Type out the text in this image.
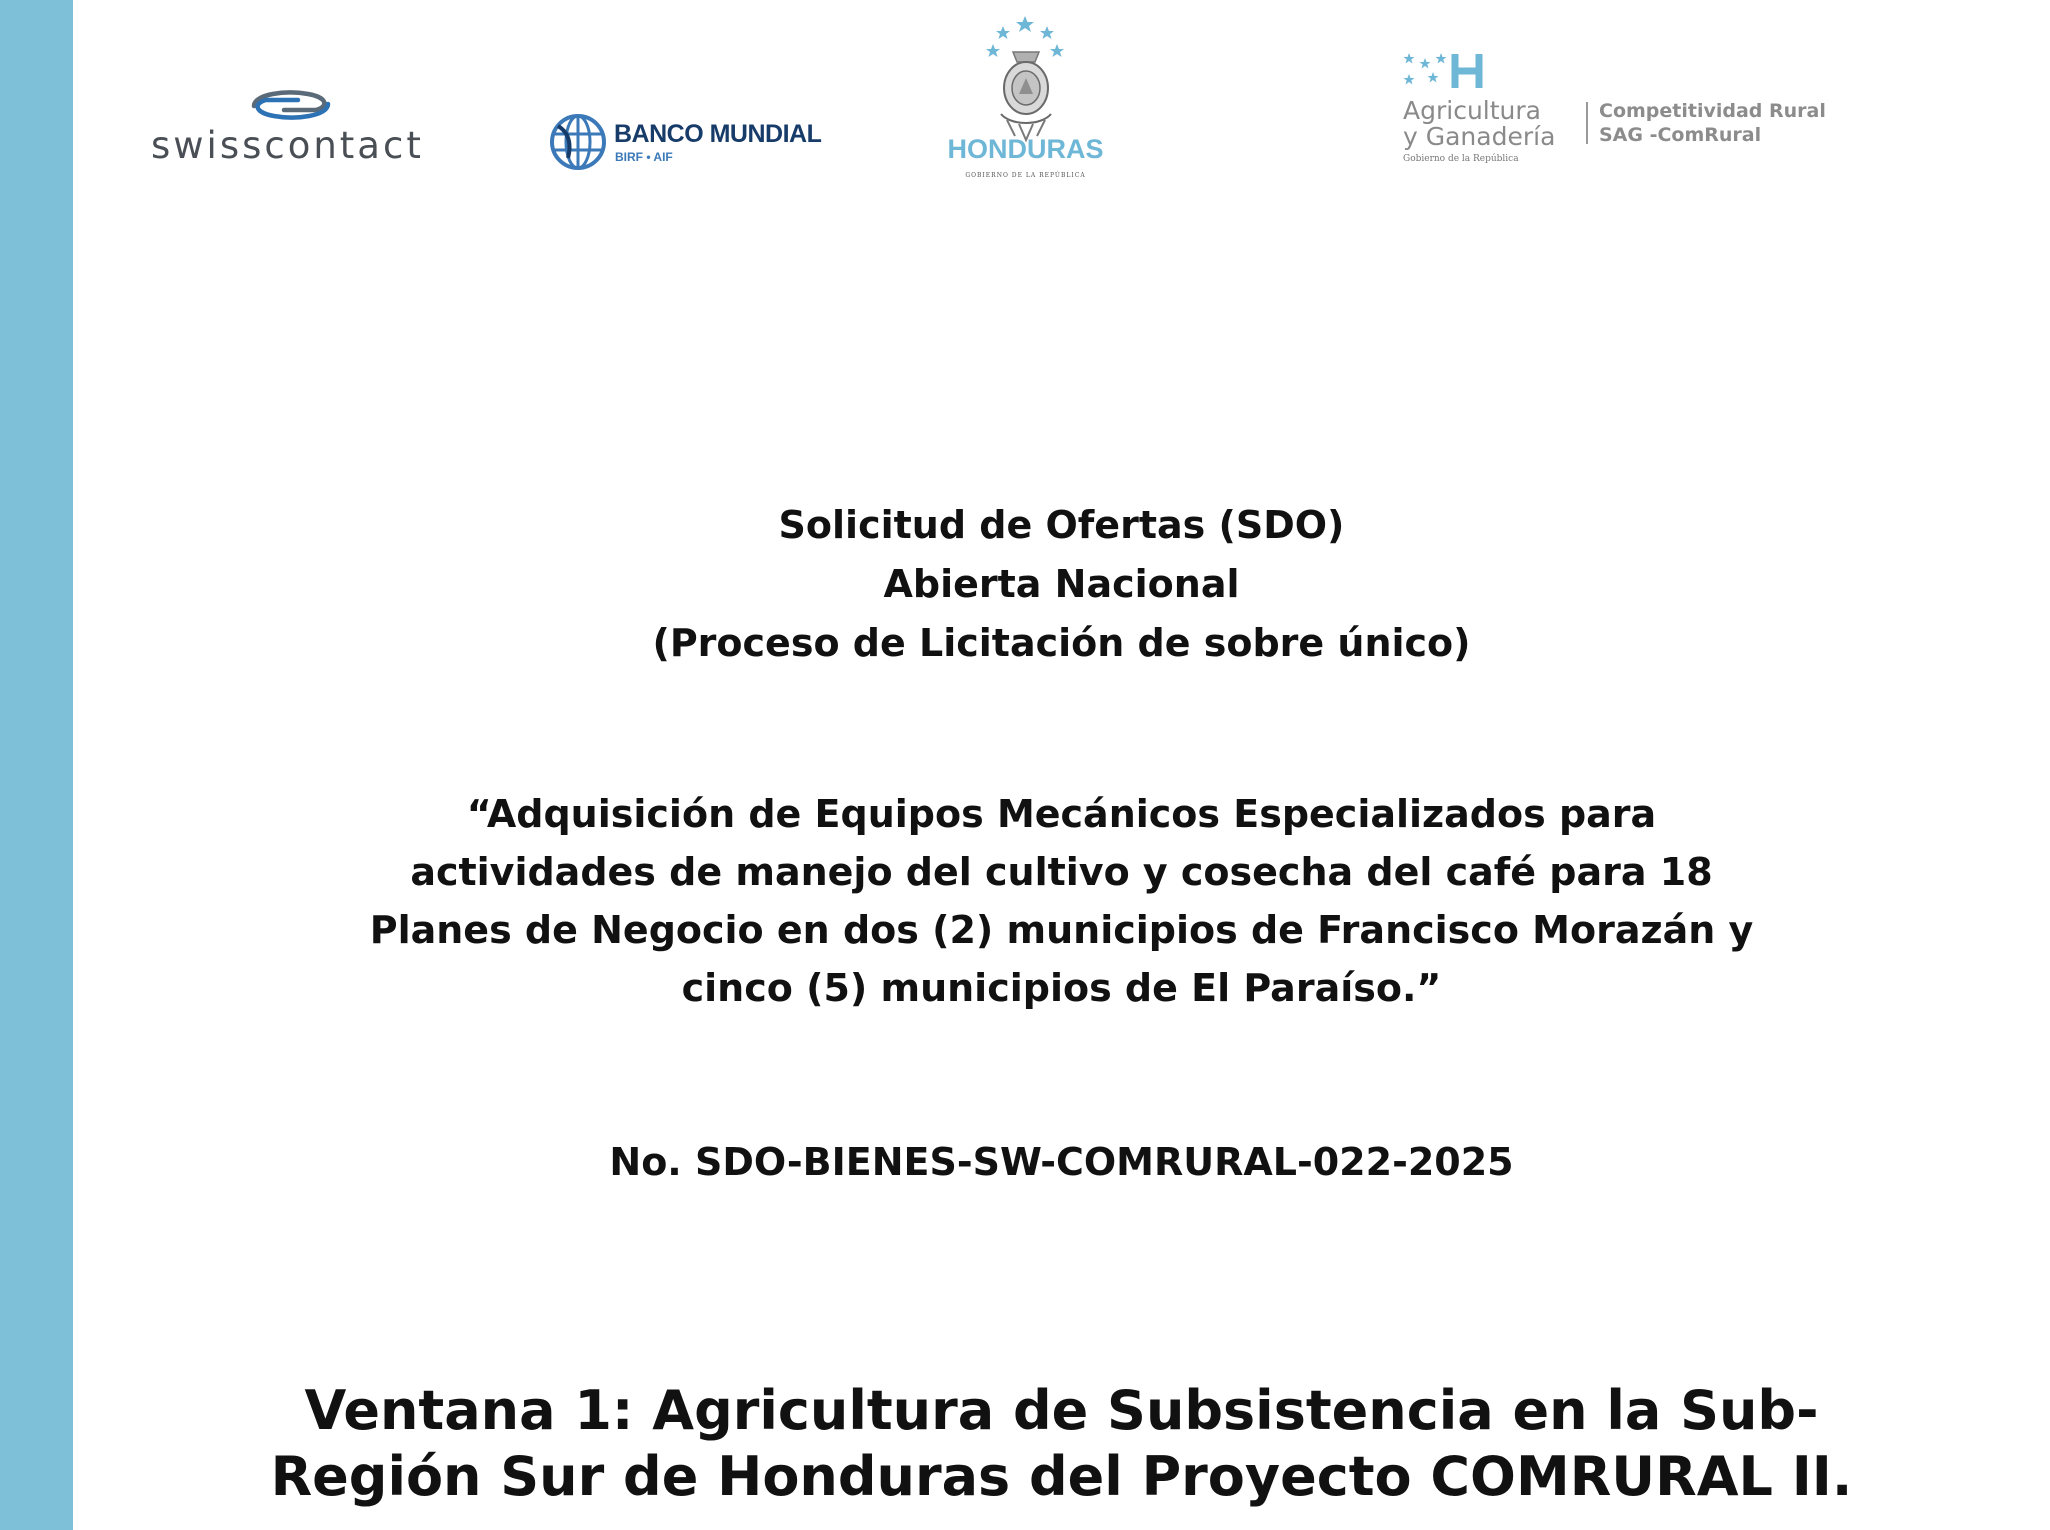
swisscontact	BANCO MUNDIAL
BIRF • AIF	HONDURAS
GOBIERNO DE LA REPÚBLICA
Agricultura
y Ganadería
Gobierno de la República
Competitividad Rural
SAG -ComRural
Solicitud de Ofertas (SDO)
Abierta Nacional
(Proceso de Licitación de sobre único)
“Adquisición de Equipos Mecánicos Especializados para
actividades de manejo del cultivo y cosecha del café para 18
Planes de Negocio en dos (2) municipios de Francisco Morazán y
cinco (5) municipios de El Paraíso.”
No. SDO-BIENES-SW-COMRURAL-022-2025
Ventana 1: Agricultura de Subsistencia en la Sub-
Región Sur de Honduras del Proyecto COMRURAL II.
